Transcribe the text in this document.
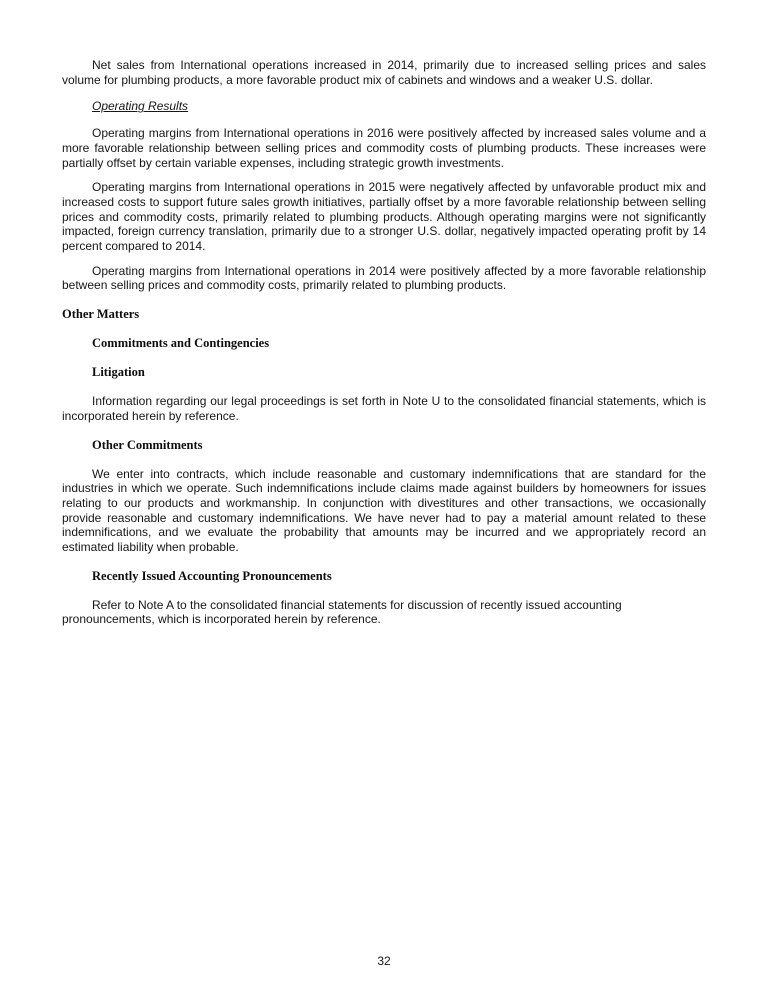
Net sales from International operations increased in 2014, primarily due to increased selling prices and sales volume for plumbing products, a more favorable product mix of cabinets and windows and a weaker U.S. dollar.

Operating Results

Operating margins from International operations in 2016 were positively affected by increased sales volume and a more favorable relationship between selling prices and commodity costs of plumbing products. These increases were partially offset by certain variable expenses, including strategic growth investments.

Operating margins from International operations in 2015 were negatively affected by unfavorable product mix and increased costs to support future sales growth initiatives, partially offset by a more favorable relationship between selling prices and commodity costs, primarily related to plumbing products. Although operating margins were not significantly impacted, foreign currency translation, primarily due to a stronger U.S. dollar, negatively impacted operating profit by 14 percent compared to 2014.

Operating margins from International operations in 2014 were positively affected by a more favorable relationship between selling prices and commodity costs, primarily related to plumbing products.

Other Matters
Commitments and Contingencies
Litigation

Information regarding our legal proceedings is set forth in Note U to the consolidated financial statements, which is incorporated herein by reference.

Other Commitments

We enter into contracts, which include reasonable and customary indemnifications that are standard for the industries in which we operate. Such indemnifications include claims made against builders by homeowners for issues relating to our products and workmanship. In conjunction with divestitures and other transactions, we occasionally provide reasonable and customary indemnifications. We have never had to pay a material amount related to these indemnifications, and we evaluate the probability that amounts may be incurred and we appropriately record an estimated liability when probable.

Recently Issued Accounting Pronouncements

Refer to Note A to the consolidated financial statements for discussion of recently issued accounting pronouncements, which is incorporated herein by reference.

32
